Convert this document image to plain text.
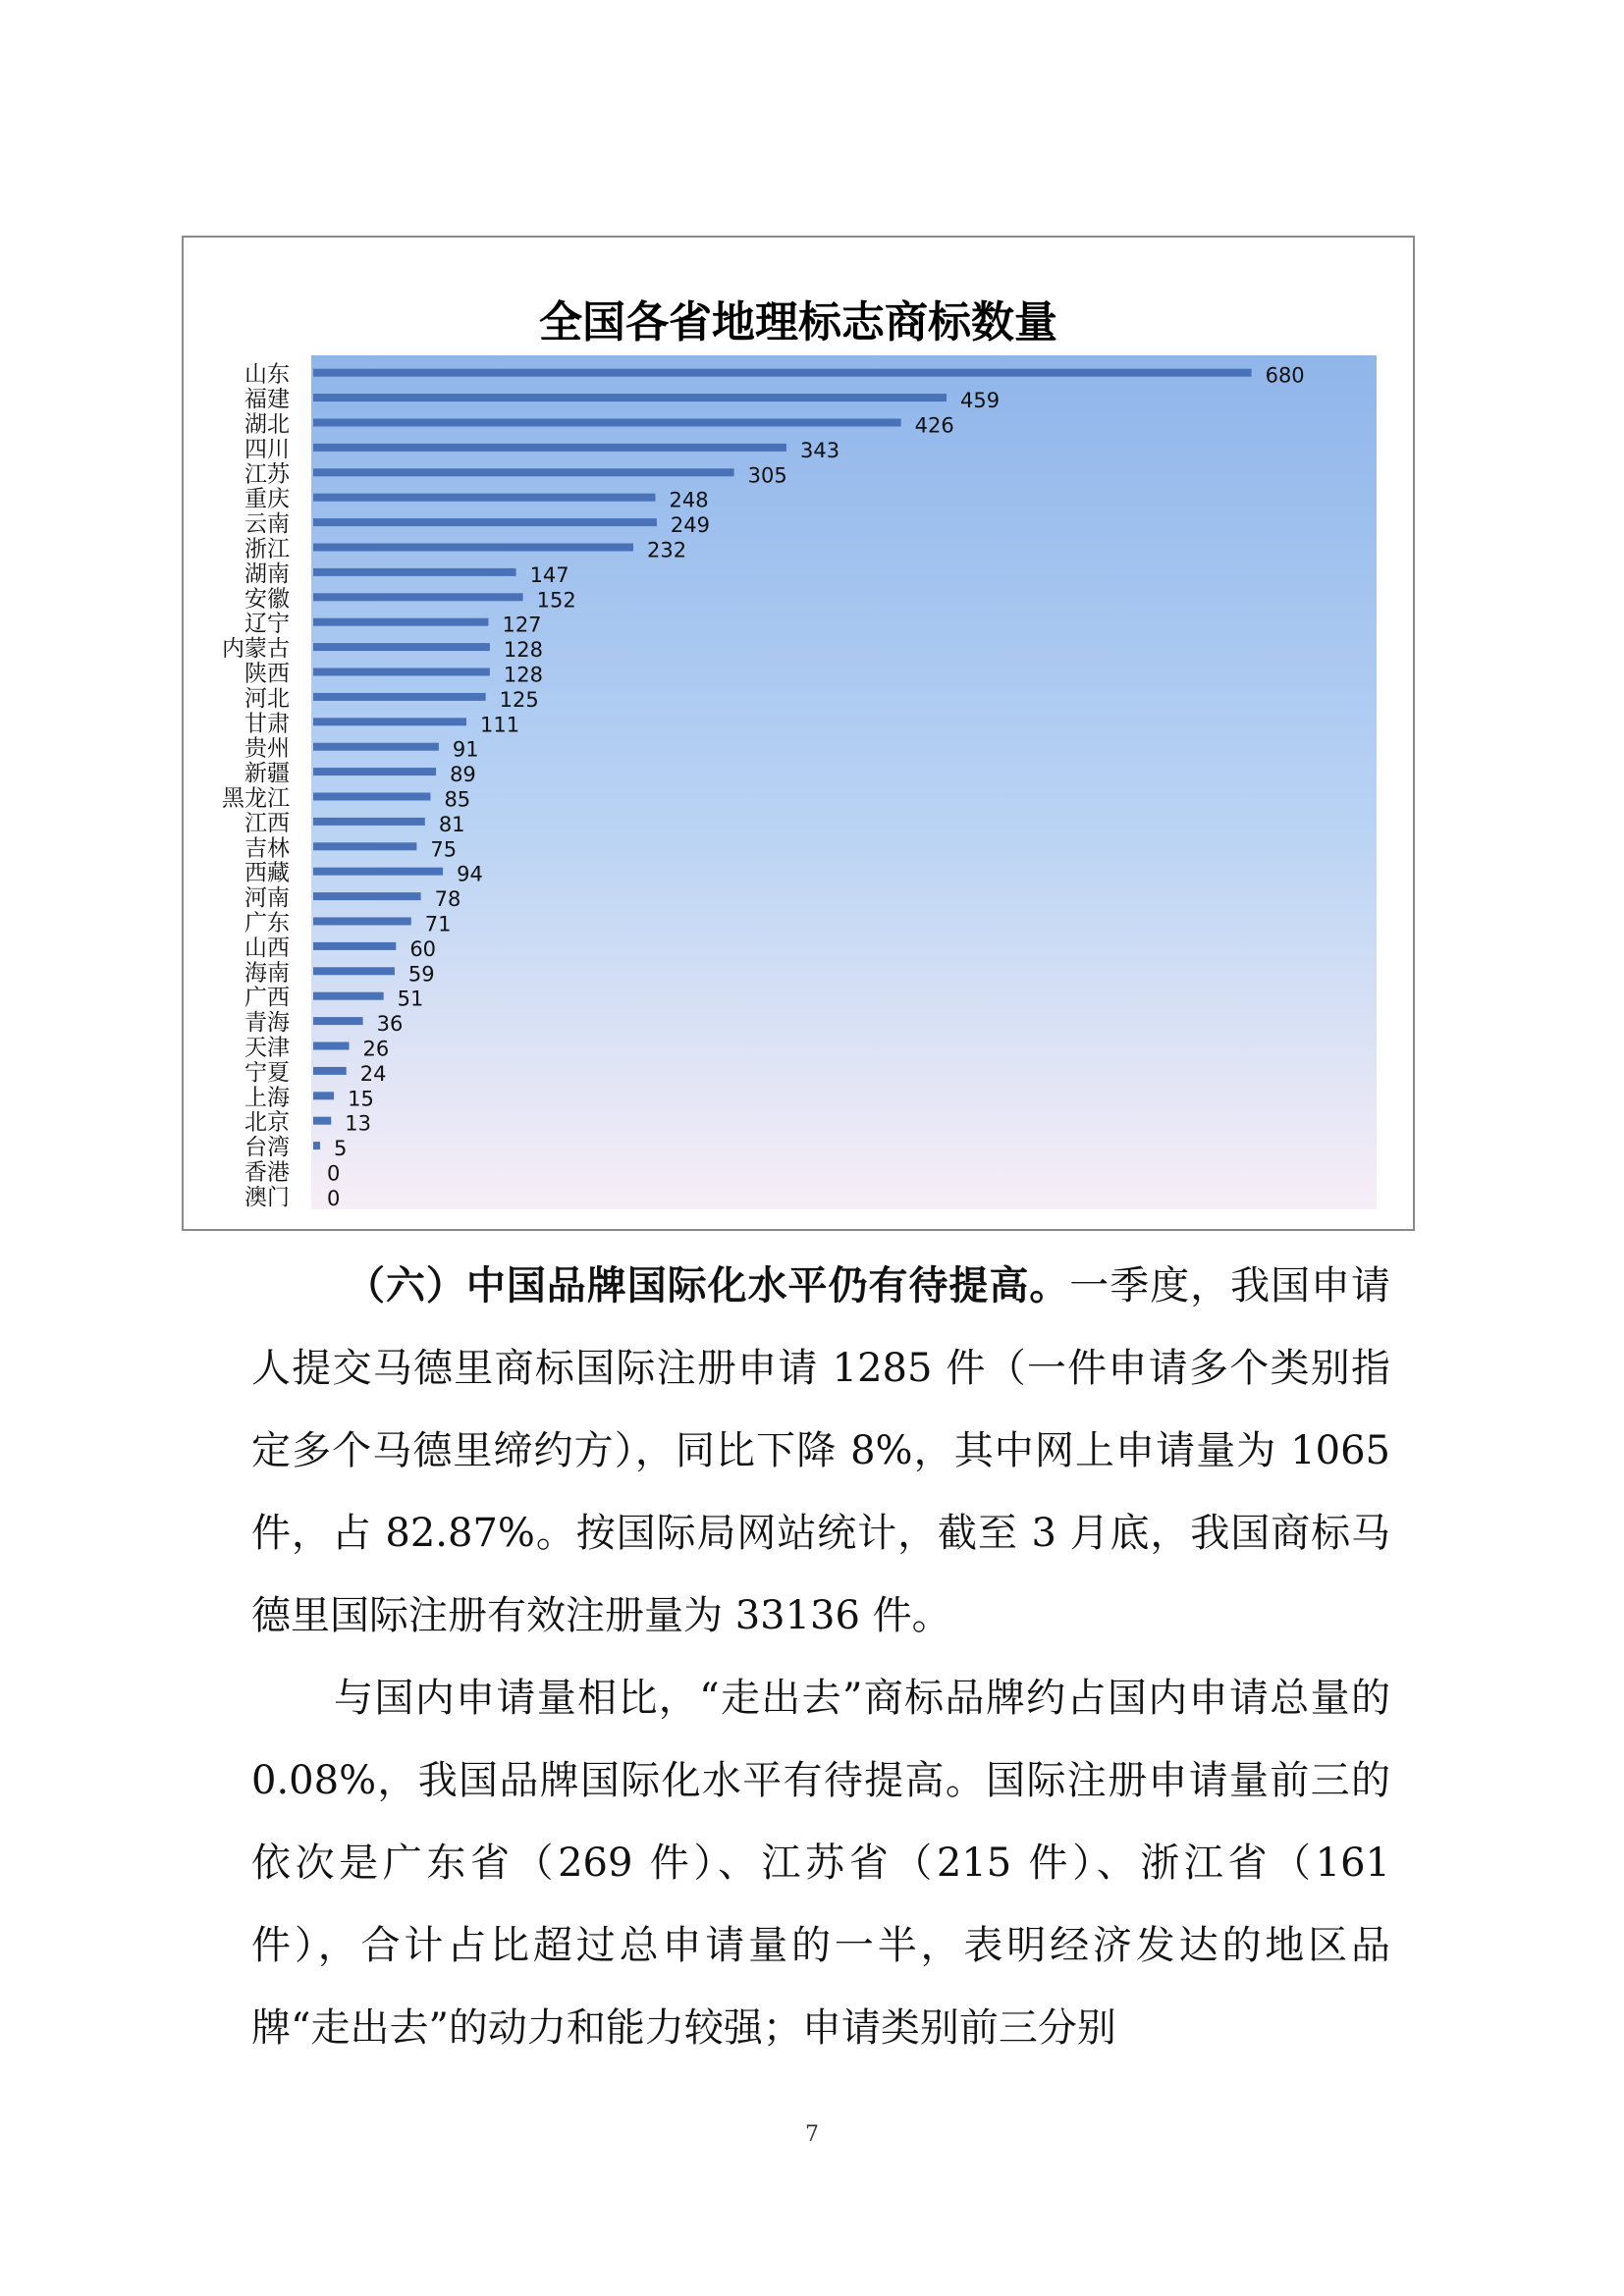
680
459
426
343
305
248
249
232
147
152
127
128
128
125
111
91
89
85
81
75
94
78
71
60
59
51
36
26
24
15
13
5
0
0
山东
福建
湖北
四川
江苏
重庆
云南
浙江
湖南
安徽
辽宁
内蒙古
陕西
河北
甘肃
贵州
新疆
黑龙江
江西
吉林
西藏
河南
广东
山西
海南
广西
青海
天津
宁夏
上海
北京
台湾
香港
澳门
全国各省地理标志商标数量

（六）中国品牌国际化水平仍有待提高。一季度，我国申请人提交马德里商标国际注册申请 1285 件（一件申请多个类别指定多个马德里缔约方），同比下降 8%，其中网上申请量为 1065 件，占 82.87%。按国际局网站统计，截至 3 月底，我国商标马德里国际注册有效注册量为 33136 件。

与国内申请量相比，“走出去”商标品牌约占国内申请总量的 0.08%，我国品牌国际化水平有待提高。国际注册申请量前三的依次是广东省（269 件）、江苏省（215 件）、浙江省（161 件），合计占比超过总申请量的一半，表明经济发达的地区品牌“走出去”的动力和能力较强；申请类别前三分别

7
